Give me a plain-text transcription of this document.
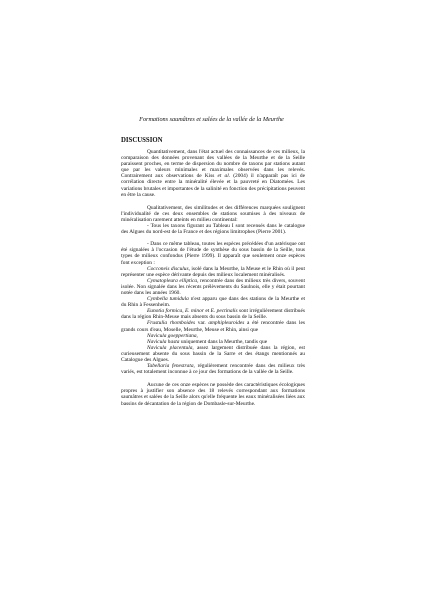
Formations saumâtres et salées de la vallée de la Meurthe
DISCUSSION

Quantitativement, dans l'état actuel des connaissances de ces milieux, la comparaison des données provenant des vallées de la Meurthe et de la Seille paraissent proches, en terme de dispersion du nombre de taxons par stations autant que par les valeurs minimales et maximales observées dans les relevés. Contrairement aux observations de Kiss et al. (2004) il n'apparaît pas ici de corrélation directe entre la minéralité élevée et la pauvreté en Diatomées. Les variations brutales et importantes de la salinité en fonction des précipitations peuvent en être la cause.

Qualitativement, des similitudes et des différences marquées soulignent l'individualité de ces deux ensembles de stations soumises à des niveaux de minéralisation rarement atteints en milieu continental:

- Tous les taxons figurant au Tableau I sont recensés dans le catalogue des Algues du nord-est de la France et des régions limitrophes (Pierre 2001).

- Dans ce même tableau, toutes les espèces précédées d'un astérisque ont été signalées à l'occasion de l'étude de synthèse du sous bassin de la Seille, tous types de milieux confondus (Pierre 1999). Il apparaît que seulement onze espèces font exception :

Cocconeis disculus, isolé dans la Meurthe, la Meuse et le Rhin où il peut représenter une espèce dérivante depuis des milieux localement minéralisés.

Cymatopleura elliptica, rencontrée dans des milieux très divers, souvent isolée. Non signalée dans les récents prélèvements du Saulnois, elle y était pourtant notée dans les années 1960.

Cymbella tumidula n'est apparu que dans des stations de la Meurthe et du Rhin à Fessenheim.

Eunotia formica, E. minor et E. pectinalis sont irrégulièrement distribués dans la région Rhin-Meuse mais absents du sous bassin de la Seille.

Frustulia rhomboides var. amphipleuroides a été rencontrée dans les grands cours d'eau, Moselle, Meurthe, Meuse et Rhin, ainsi que

Navicula goeppertiana,

Navicula hasta uniquement dans la Meurthe, tandis que

Navicula placentula, assez largement distribuée dans la région, est curieusement absente du sous bassin de la Sarre et des étangs mentionnés au Catalogue des Algues.

Tabellaria fenestrata, régulièrement rencontrée dans des milieux très variés, est totalement inconnue à ce jour des formations de la vallée de la Seille.

Aucune de ces onze espèces ne possède des caractéristiques écologiques propres à justifier son absence des 18 relevés correspondant aux formations saumâtres et salées de la Seille alors qu'elle fréquente les eaux minéralisées liées aux bassins de décantation de la région de Dombasle-sur-Meurthe.
